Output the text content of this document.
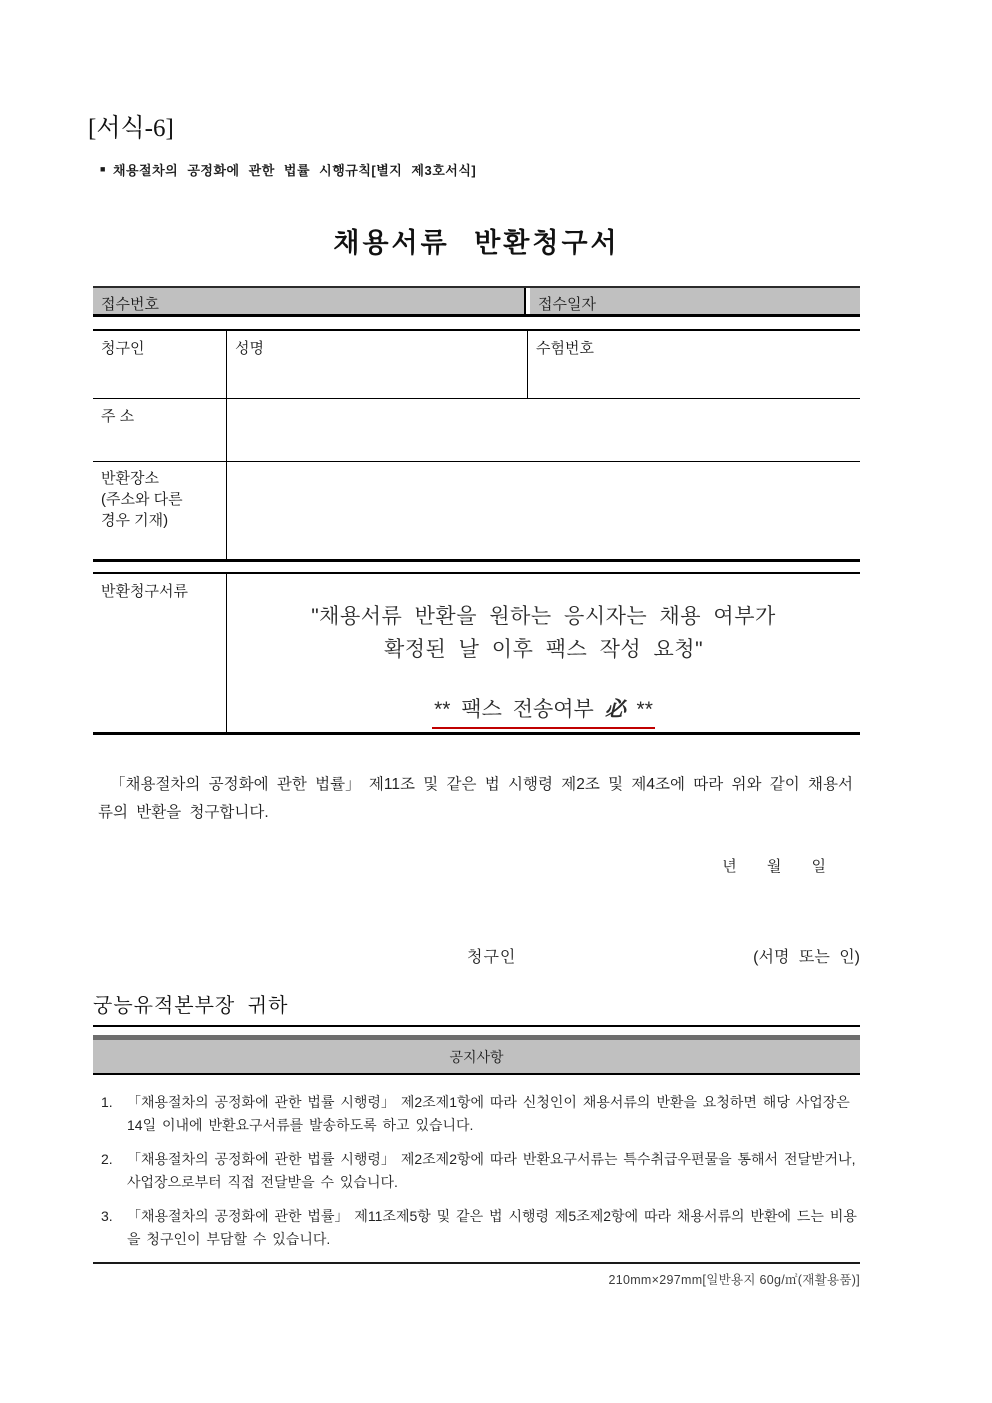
[서식-6]
■ 채용절차의 공정화에 관한 법률 시행규칙[별지 제3호서식]
채용서류 반환청구서
접수번호	접수일자
청구인	성명	수험번호
주 소
반환장소
(주소와 다른
경우 기재)
반환청구서류
"채용서류 반환을 원하는 응시자는 채용 여부가
확정된 날 이후 팩스 작성 요청"
** 팩스 전송여부 必 **

「채용절차의 공정화에 관한 법률」 제11조 및 같은 법 시행령 제2조 및 제4조에 따라 위와 같이 채용서류의 반환을 청구합니다.

년 월 일
청구인	(서명 또는 인)
궁능유적본부장 귀하
공지사항
1.	「채용절차의 공정화에 관한 법률 시행령」 제2조제1항에 따라 신청인이 채용서류의 반환을 요청하면 해당 사업장은 14일 이내에 반환요구서류를 발송하도록 하고 있습니다.
2.	「채용절차의 공정화에 관한 법률 시행령」 제2조제2항에 따라 반환요구서류는 특수취급우편물을 통해서 전달받거나, 사업장으로부터 직접 전달받을 수 있습니다.
3.	「채용절차의 공정화에 관한 법률」 제11조제5항 및 같은 법 시행령 제5조제2항에 따라 채용서류의 반환에 드는 비용을 청구인이 부담할 수 있습니다.
210mm×297mm[일반용지 60g/㎡(재활용품)]
